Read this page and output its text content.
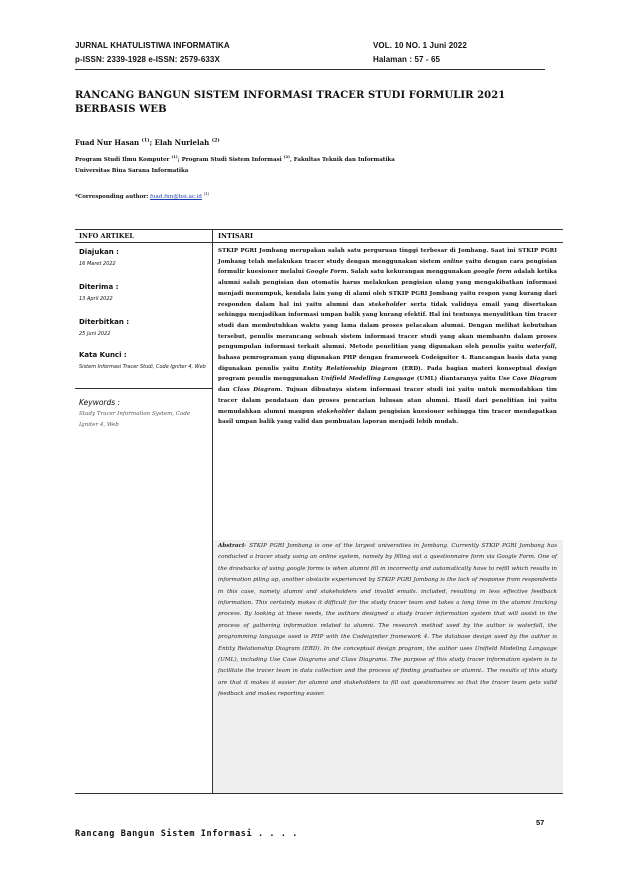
JURNAL KHATULISTIWA INFORMATIKA
p-ISSN: 2339-1928 e-ISSN: 2579-633X
VOL. 10 NO. 1 Juni 2022
Halaman : 57 - 65
RANCANG BANGUN SISTEM INFORMASI TRACER STUDI FORMULIR 2021 BERBASIS WEB
Fuad Nur Hasan $^{(1)}$; Elah Nurlelah $^{(2)}$
Program Studi Ilmu Komputer $^{(1)}$; Program Studi Sistem Informasi $^{(2)}$, Fakultas Teknik dan Informatika
Universitas Bina Sarana Informatika
*Corresponding author: fuad.fnn@bsi.ac.id $^{(1)}$
INFO ARTIKEL	INTISARI
Diajukan :
16 Maret 2022
Diterima :
13 April 2022
Diterbitkan :
25 Juni 2022
Kata Kunci :
Sistem Informasi Tracer Studi, Code Igniter 4, Web
Keywords :
Study Tracer Information System, Code Igniter 4, Web
STKIP PGRI Jombang merupakan salah satu perguruan tinggi terbesar di Jombang. Saat ini STKIP PGRI Jombang telah melakukan tracer study dengan menggunakan sistem online yaitu dengan cara pengisian formulir kuesioner melalui Google Form. Salah satu kekurangan menggunakan google form adalah ketika alumni salah pengisian dan otomatis harus melakukan pengisian ulang yang mengakibatkan informasi menjadi menumpuk, kendala lain yang di alami oleh STKIP PGRI Jombang yaitu respon yang kurang dari responden dalam hal ini yaitu alumni dan stakeholder serta tidak validnya email yang disertakan sehingga menjadikan informasi umpan balik yang kurang efektif. Hal ini tentunya menyulitkan tim tracer studi dan membutuhkan waktu yang lama dalam proses pelacakan alumni. Dengan melihat kebutuhan tersebut, penulis merancang sebuah sistem informasi tracer studi yang akan membantu dalam proses pengumpulan informasi terkait alumni. Metode penelitian yang digunakan oleh penulis yaitu waterfall, bahasa pemrograman yang digunakan PHP dengan framework Codeigniter 4. Rancangan basis data yang digunakan penulis yaitu Entity Relationship Diagram (ERD). Pada bagian materi konseptual design program penulis menggunakan Unifield Modelling Language (UML) diantaranya yaitu Use Case Diagram dan Class Diagram. Tujuan dibuatnya sistem informasi tracer studi ini yaitu untuk memudahkan tim tracer dalam pendataan dan proses pencarian lulusan atau alumni. Hasil dari penelitian ini yaitu memudahkan alumni maupun stakeholder dalam pengisian kuesioner sehingga tim tracer mendapatkan hasil umpan balik yang valid dan pembuatan laporan menjadi lebih mudah.
Abstract- STKIP PGRI Jombang is one of the largest universities in Jombang. Currently STKIP PGRI Jombang has conducted a tracer study using an online system, namely by filling out a questionnaire form via Google Form. One of the drawbacks of using google forms is when alumni fill in incorrectly and automatically have to refill which results in information piling up, another obstacle experienced by STKIP PGRI Jombang is the lack of response from respondents in this case, namely alumni and stakeholders and invalid emails. included, resulting in less effective feedback information. This certainly makes it difficult for the study tracer team and takes a long time in the alumni tracking process. By looking at these needs, the authors designed a study tracer information system that will assist in the process of gathering information related to alumni. The research method used by the author is waterfall, the programming language used is PHP with the Codeiginiter framework 4. The database design used by the author is Entity Relationship Diagram (ERD). In the conceptual design program, the author uses Unifield Modeling Language (UML), including Use Case Diagrams and Class Diagrams. The purpose of this study tracer information system is to facilitate the tracer team in data collection and the process of finding graduates or alumni.. The results of this study are that it makes it easier for alumni and stakeholders to fill out questionnaires so that the tracer team gets valid feedback and makes reporting easier.
57
Rancang Bangun Sistem Informasi . . . .
